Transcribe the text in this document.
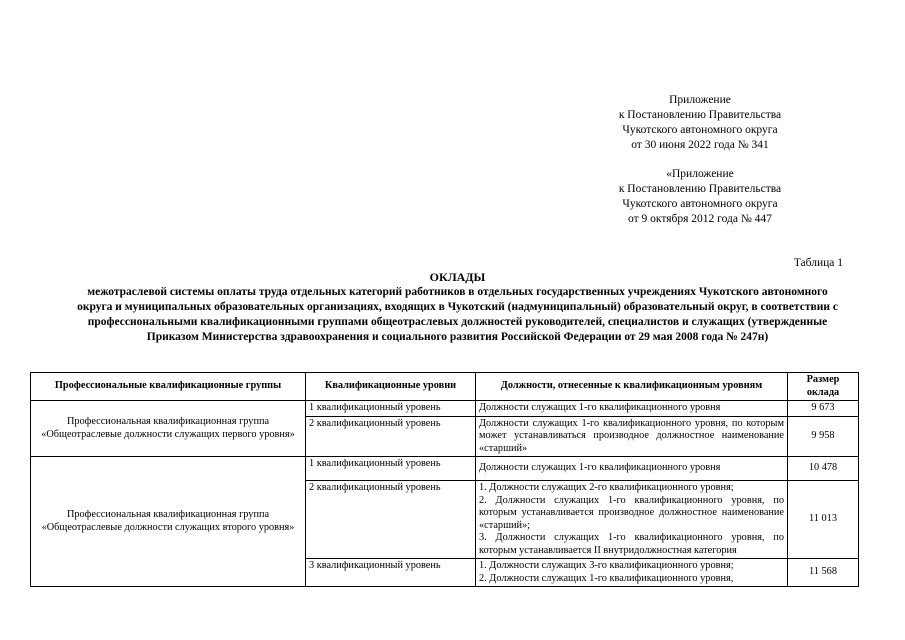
Приложение
к Постановлению Правительства
Чукотского автономного округа
от 30 июня 2022 года № 341
«Приложение
к Постановлению Правительства
Чукотского автономного округа
от 9 октября 2012 года № 447
Таблица 1
ОКЛАДЫ
межотраслевой системы оплаты труда отдельных категорий работников в отдельных государственных учреждениях Чукотского автономного округа и муниципальных образовательных организациях, входящих в Чукотский (надмуниципальный) образовательный округ, в соответствии с профессиональными квалификационными группами общеотраслевых должностей руководителей, специалистов и служащих (утвержденные Приказом Министерства здравоохранения и социального развития Российской Федерации от 29 мая 2008 года № 247н)
Профессиональные квалификационные группы	Квалификационные уровни	Должности, отнесенные к квалификационным уровням	Размер оклада
Профессиональная квалификационная группа «Общеотраслевые должности служащих первого уровня»	1 квалификационный уровень	Должности служащих 1-го квалификационного уровня	9 673
	2 квалификационный уровень	Должности служащих 1-го квалификационного уровня, по которым может устанавливаться производное должностное наименование «старший»	9 958
Профессиональная квалификационная группа «Общеотраслевые должности служащих второго уровня»	1 квалификационный уровень	Должности служащих 1-го квалификационного уровня	10 478
	2 квалификационный уровень	1. Должности служащих 2-го квалификационного уровня;
2. Должности служащих 1-го квалификационного уровня, по которым устанавливается производное должностное наименование «старший»;
3. Должности служащих 1-го квалификационного уровня, по которым устанавливается II внутридолжностная категория	11 013
	3 квалификационный уровень	1. Должности служащих 3-го квалификационного уровня;
2. Должности служащих 1-го квалификационного уровня,	11 568
